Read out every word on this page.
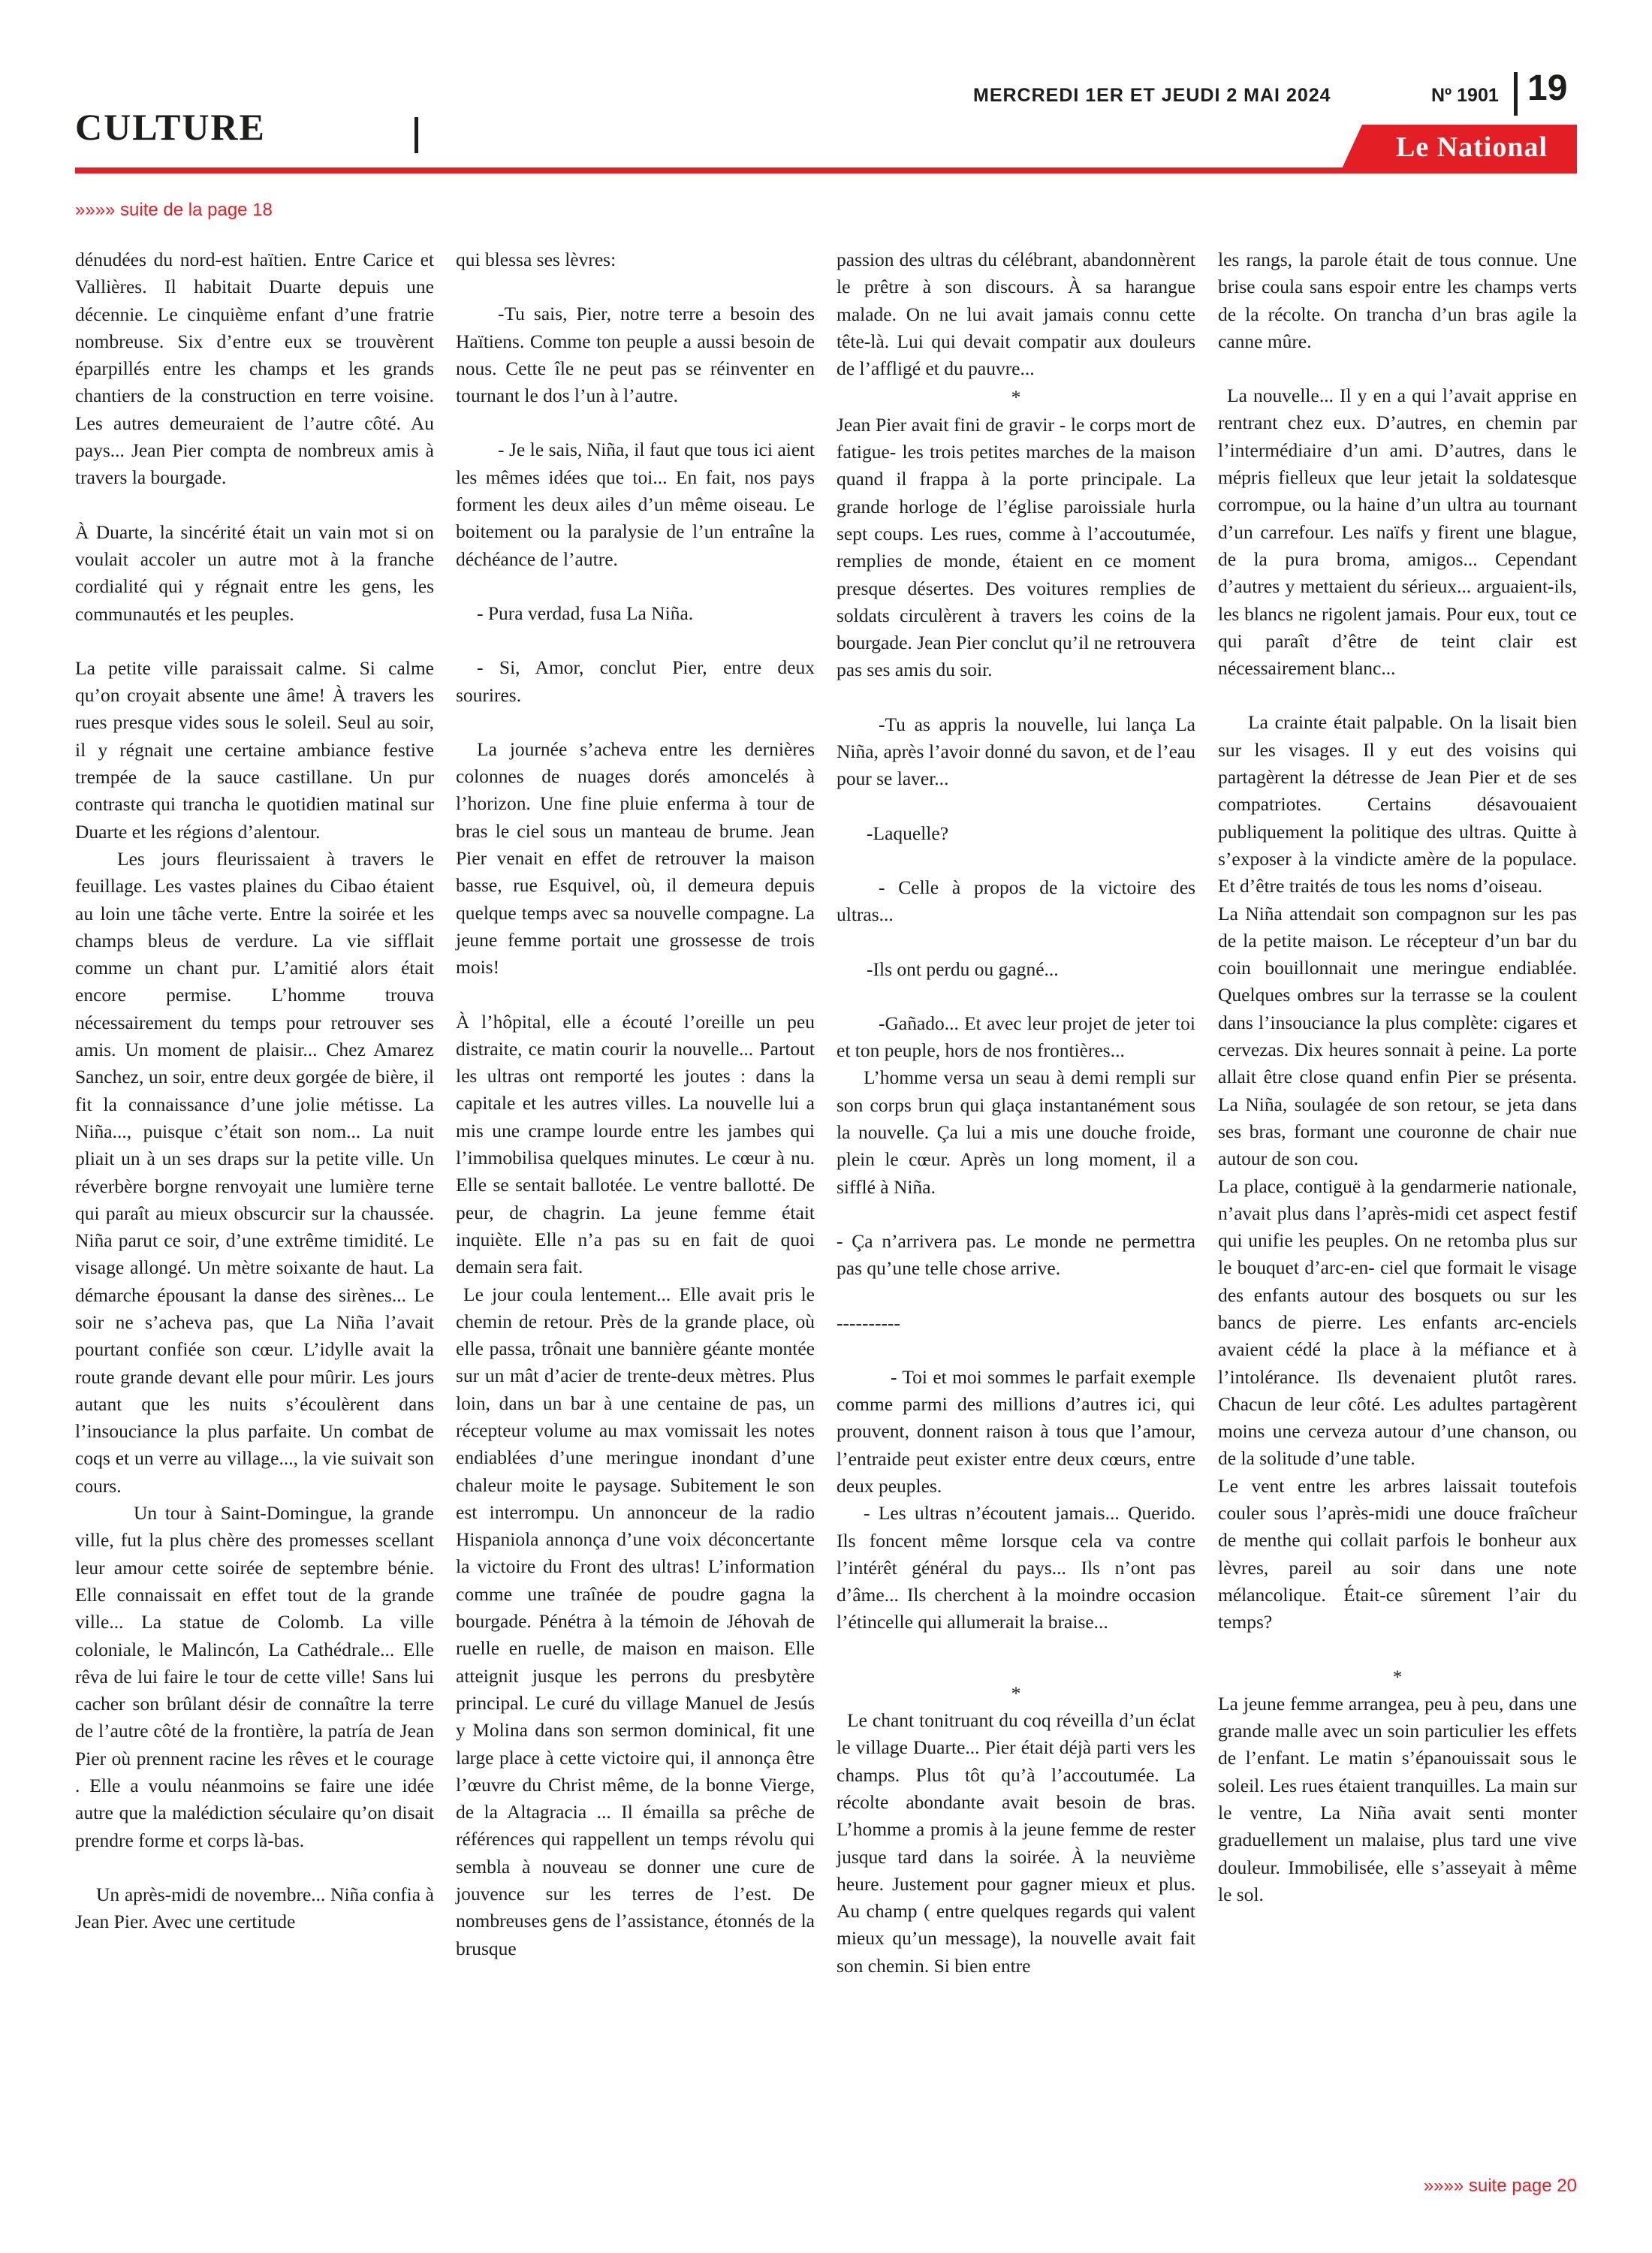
MERCREDI 1ER ET JEUDI 2 MAI 2024	Nº 1901 19
CULTURE	Le National
»»»» suite de la page 18

dénudées du nord-est haïtien. Entre Carice et Vallières. Il habitait Duarte depuis une décennie. Le cinquième enfant d’une fratrie nombreuse. Six d’entre eux se trouvèrent éparpillés entre les champs et les grands chantiers de la construction en terre voisine. Les autres demeuraient de l’autre côté. Au pays... Jean Pier compta de nombreux amis à travers la bourgade.

À Duarte, la sincérité était un vain mot si on voulait accoler un autre mot à la franche cordialité qui y régnait entre les gens, les communautés et les peuples.

La petite ville paraissait calme. Si calme qu’on croyait absente une âme! À travers les rues presque vides sous le soleil. Seul au soir, il y régnait une certaine ambiance festive trempée de la sauce castillane. Un pur contraste qui trancha le quotidien matinal sur Duarte et les régions d’alentour.

Les jours fleurissaient à travers le feuillage. Les vastes plaines du Cibao étaient au loin une tâche verte. Entre la soirée et les champs bleus de verdure. La vie sifflait comme un chant pur. L’amitié alors était encore permise. L’homme trouva nécessairement du temps pour retrouver ses amis. Un moment de plaisir... Chez Amarez Sanchez, un soir, entre deux gorgée de bière, il fit la connaissance d’une jolie métisse. La Niña..., puisque c’était son nom... La nuit pliait un à un ses draps sur la petite ville. Un réverbère borgne renvoyait une lumière terne qui paraît au mieux obscurcir sur la chaussée. Niña parut ce soir, d’une extrême timidité. Le visage allongé. Un mètre soixante de haut. La démarche épousant la danse des sirènes... Le soir ne s’acheva pas, que La Niña l’avait pourtant confiée son cœur. L’idylle avait la route grande devant elle pour mûrir. Les jours autant que les nuits s’écoulèrent dans l’insouciance la plus parfaite. Un combat de coqs et un verre au village..., la vie suivait son cours.

Un tour à Saint-Domingue, la grande ville, fut la plus chère des promesses scellant leur amour cette soirée de septembre bénie. Elle connaissait en effet tout de la grande ville... La statue de Colomb. La ville coloniale, le Malincón, La Cathédrale... Elle rêva de lui faire le tour de cette ville! Sans lui cacher son brûlant désir de connaître la terre de l’autre côté de la frontière, la patría de Jean Pier où prennent racine les rêves et le courage . Elle a voulu néanmoins se faire une idée autre que la malédiction séculaire qu’on disait prendre forme et corps là-bas.

Un après-midi de novembre... Niña confia à Jean Pier. Avec une certitude

qui blessa ses lèvres:

-Tu sais, Pier, notre terre a besoin des Haïtiens. Comme ton peuple a aussi besoin de nous. Cette île ne peut pas se réinventer en tournant le dos l’un à l’autre.

- Je le sais, Niña, il faut que tous ici aient les mêmes idées que toi... En fait, nos pays forment les deux ailes d’un même oiseau. Le boitement ou la paralysie de l’un entraîne la déchéance de l’autre.

- Pura verdad, fusa La Niña.

- Si, Amor, conclut Pier, entre deux sourires.

La journée s’acheva entre les dernières colonnes de nuages dorés amoncelés à l’horizon. Une fine pluie enferma à tour de bras le ciel sous un manteau de brume. Jean Pier venait en effet de retrouver la maison basse, rue Esquivel, où, il demeura depuis quelque temps avec sa nouvelle compagne. La jeune femme portait une grossesse de trois mois!

À l’hôpital, elle a écouté l’oreille un peu distraite, ce matin courir la nouvelle... Partout les ultras ont remporté les joutes : dans la capitale et les autres villes. La nouvelle lui a mis une crampe lourde entre les jambes qui l’immobilisa quelques minutes. Le cœur à nu. Elle se sentait ballotée. Le ventre ballotté. De peur, de chagrin. La jeune femme était inquiète. Elle n’a pas su en fait de quoi demain sera fait.

Le jour coula lentement... Elle avait pris le chemin de retour. Près de la grande place, où elle passa, trônait une bannière géante montée sur un mât d’acier de trente-deux mètres. Plus loin, dans un bar à une centaine de pas, un récepteur volume au max vomissait les notes endiablées d’une meringue inondant d’une chaleur moite le paysage. Subitement le son est interrompu. Un annonceur de la radio Hispaniola annonça d’une voix déconcertante la victoire du Front des ultras! L’information comme une traînée de poudre gagna la bourgade. Pénétra à la témoin de Jéhovah de ruelle en ruelle, de maison en maison. Elle atteignit jusque les perrons du presbytère principal. Le curé du village Manuel de Jesús y Molina dans son sermon dominical, fit une large place à cette victoire qui, il annonça être l’œuvre du Christ même, de la bonne Vierge, de la Altagracia ... Il émailla sa prêche de références qui rappellent un temps révolu qui sembla à nouveau se donner une cure de jouvence sur les terres de l’est. De nombreuses gens de l’assistance, étonnés de la brusque

passion des ultras du célébrant, abandonnèrent le prêtre à son discours. À sa harangue malade. On ne lui avait jamais connu cette tête-là. Lui qui devait compatir aux douleurs de l’affligé et du pauvre...

*

Jean Pier avait fini de gravir - le corps mort de fatigue- les trois petites marches de la maison quand il frappa à la porte principale. La grande horloge de l’église paroissiale hurla sept coups. Les rues, comme à l’accoutumée, remplies de monde, étaient en ce moment presque désertes. Des voitures remplies de soldats circulèrent à travers les coins de la bourgade. Jean Pier conclut qu’il ne retrouvera pas ses amis du soir.

-Tu as appris la nouvelle, lui lança La Niña, après l’avoir donné du savon, et de l’eau pour se laver...

-Laquelle?

- Celle à propos de la victoire des ultras...

-Ils ont perdu ou gagné...

-Gañado... Et avec leur projet de jeter toi et ton peuple, hors de nos frontières...

L’homme versa un seau à demi rempli sur son corps brun qui glaça instantanément sous la nouvelle. Ça lui a mis une douche froide, plein le cœur. Après un long moment, il a sifflé à Niña.

- Ça n’arrivera pas. Le monde ne permettra pas qu’une telle chose arrive.

----------

- Toi et moi sommes le parfait exemple comme parmi des millions d’autres ici, qui prouvent, donnent raison à tous que l’amour, l’entraide peut exister entre deux cœurs, entre deux peuples.

- Les ultras n’écoutent jamais... Querido. Ils foncent même lorsque cela va contre l’intérêt général du pays... Ils n’ont pas d’âme... Ils cherchent à la moindre occasion l’étincelle qui allumerait la braise...

*

Le chant tonitruant du coq réveilla d’un éclat le village Duarte... Pier était déjà parti vers les champs. Plus tôt qu’à l’accoutumée. La récolte abondante avait besoin de bras. L’homme a promis à la jeune femme de rester jusque tard dans la soirée. À la neuvième heure. Justement pour gagner mieux et plus. Au champ ( entre quelques regards qui valent mieux qu’un message), la nouvelle avait fait son chemin. Si bien entre

les rangs, la parole était de tous connue. Une brise coula sans espoir entre les champs verts de la récolte. On trancha d’un bras agile la canne mûre.

La nouvelle... Il y en a qui l’avait apprise en rentrant chez eux. D’autres, en chemin par l’intermédiaire d’un ami. D’autres, dans le mépris fielleux que leur jetait la soldatesque corrompue, ou la haine d’un ultra au tournant d’un carrefour. Les naïfs y firent une blague, de la pura broma, amigos... Cependant d’autres y mettaient du sérieux... arguaient-ils, les blancs ne rigolent jamais. Pour eux, tout ce qui paraît d’être de teint clair est nécessairement blanc...

La crainte était palpable. On la lisait bien sur les visages. Il y eut des voisins qui partagèrent la détresse de Jean Pier et de ses compatriotes. Certains désavouaient publiquement la politique des ultras. Quitte à s’exposer à la vindicte amère de la populace. Et d’être traités de tous les noms d’oiseau.

La Niña attendait son compagnon sur les pas de la petite maison. Le récepteur d’un bar du coin bouillonnait une meringue endiablée. Quelques ombres sur la terrasse se la coulent dans l’insouciance la plus complète: cigares et cervezas. Dix heures sonnait à peine. La porte allait être close quand enfin Pier se présenta. La Niña, soulagée de son retour, se jeta dans ses bras, formant une couronne de chair nue autour de son cou.

La place, contiguë à la gendarmerie nationale, n’avait plus dans l’après-midi cet aspect festif qui unifie les peuples. On ne retomba plus sur le bouquet d’arc-en- ciel que formait le visage des enfants autour des bosquets ou sur les bancs de pierre. Les enfants arc-enciels avaient cédé la place à la méfiance et à l’intolérance. Ils devenaient plutôt rares. Chacun de leur côté. Les adultes partagèrent moins une cerveza autour d’une chanson, ou de la solitude d’une table.

Le vent entre les arbres laissait toutefois couler sous l’après-midi une douce fraîcheur de menthe qui collait parfois le bonheur aux lèvres, pareil au soir dans une note mélancolique. Était-ce sûrement l’air du temps?

*

La jeune femme arrangea, peu à peu, dans une grande malle avec un soin particulier les effets de l’enfant. Le matin s’épanouissait sous le soleil. Les rues étaient tranquilles. La main sur le ventre, La Niña avait senti monter graduellement un malaise, plus tard une vive douleur. Immobilisée, elle s’asseyait à même le sol.

»»»» suite page 20
